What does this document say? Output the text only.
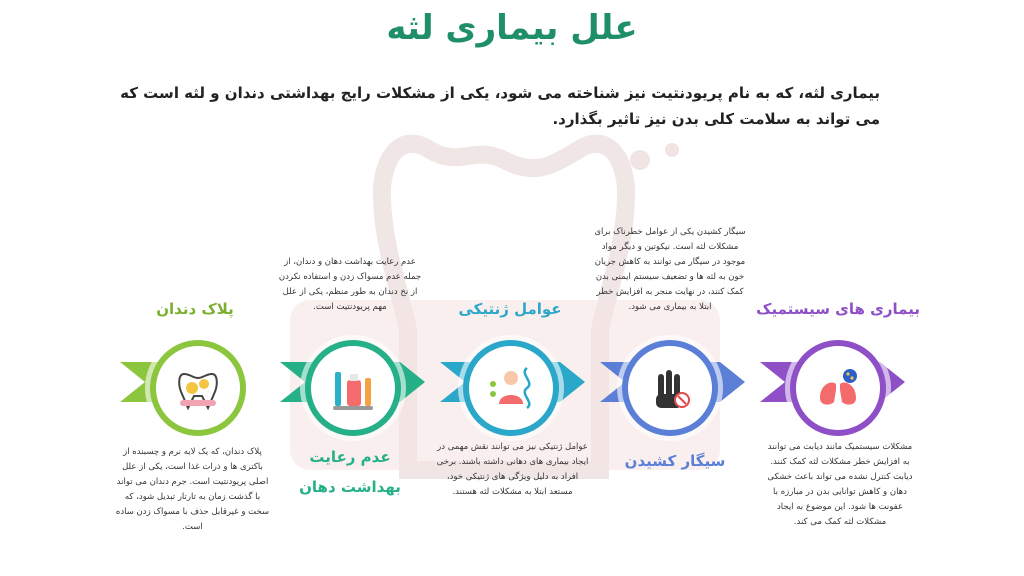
علل بیماری لثه
بیماری لثه، که به نام پریودنتیت نیز شناخته می شود، یکی از مشکلات رایج بهداشتی دندان و لثه است که می تواند به سلامت کلی بدن نیز تاثیر بگذارد.
پلاک دندان
پلاک دندان، که یک لایه نرم و چسبنده از باکتری ها و ذرات غذا است، یکی از علل اصلی پریودنتیت است. جرم دندان می تواند با گذشت زمان به تارتار تبدیل شود، که سخت و غیرقابل حذف با مسواک زدن ساده است.
عدم رعایت بهداشت دهان و دندان، از جمله عدم مسواک زدن و استفاده نکردن از نخ دندان به طور منظم، یکی از علل مهم پریودنتیت است.
عدم رعایت
بهداشت دهان
عوامل ژنتیکی
عوامل ژنتیکی نیز می توانند نقش مهمی در ایجاد بیماری های دهانی داشته باشند. برخی افراد به دلیل ویژگی های ژنتیکی خود، مستعد ابتلا به مشکلات لثه هستند.
سیگار کشیدن یکی از عوامل خطرناک برای مشکلات لثه است. نیکوتین و دیگر مواد موجود در سیگار می توانند به کاهش جریان خون به لثه ها و تضعیف سیستم ایمنی بدن کمک کنند، در نهایت منجر به افزایش خطر ابتلا به بیماری می شود.
سیگار کشیدن
بیماری های سیستمیک
مشکلات سیستمیک مانند دیابت می توانند به افزایش خطر مشکلات لثه کمک کنند. دیابت کنترل نشده می تواند باعث خشکی دهان و کاهش توانایی بدن در مبارزه با عفونت ها شود. این موضوع به ایجاد مشکلات لثه کمک می کند.
